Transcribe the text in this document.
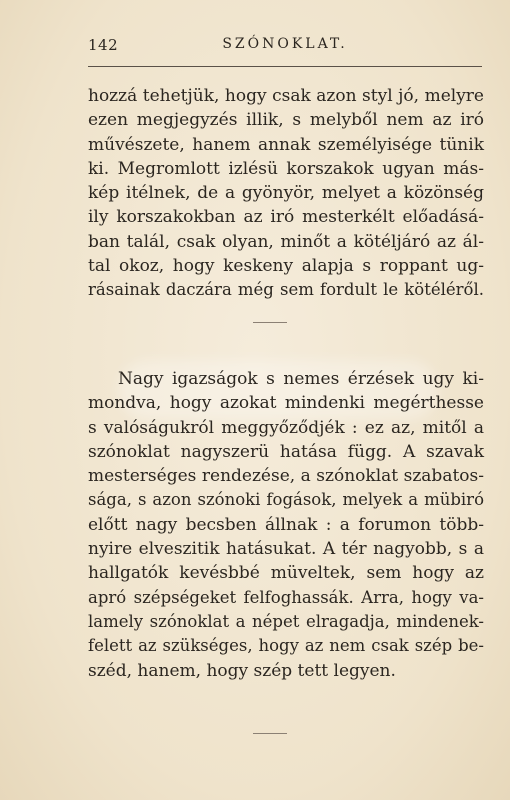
142	SZÓNOKLAT.
hozzá tehetjük, hogy csak azon styl jó, melyre
ezen megjegyzés illik, s melyből nem az iró
művészete, hanem annak személyisége tünik
ki. Megromlott izlésü korszakok ugyan más-
kép itélnek, de a gyönyör, melyet a közönség
ily korszakokban az iró mesterkélt előadásá-
ban talál, csak olyan, minőt a kötéljáró az ál-
tal okoz, hogy keskeny alapja s roppant ug-
rásainak daczára még sem fordult le kötéléről.
Nagy igazságok s nemes érzések ugy ki-
mondva, hogy azokat mindenki megérthesse
s valóságukról meggyőződjék : ez az, mitől a
szónoklat nagyszerü hatása függ. A szavak
mesterséges rendezése, a szónoklat szabatos-
sága, s azon szónoki fogások, melyek a mübiró
előtt nagy becsben állnak : a forumon több-
nyire elveszitik hatásukat. A tér nagyobb, s a
hallgatók kevésbbé müveltek, sem hogy az
apró szépségeket felfoghassák. Arra, hogy va-
lamely szónoklat a népet elragadja, mindenek-
felett az szükséges, hogy az nem csak szép be-
széd, hanem, hogy szép tett legyen.
